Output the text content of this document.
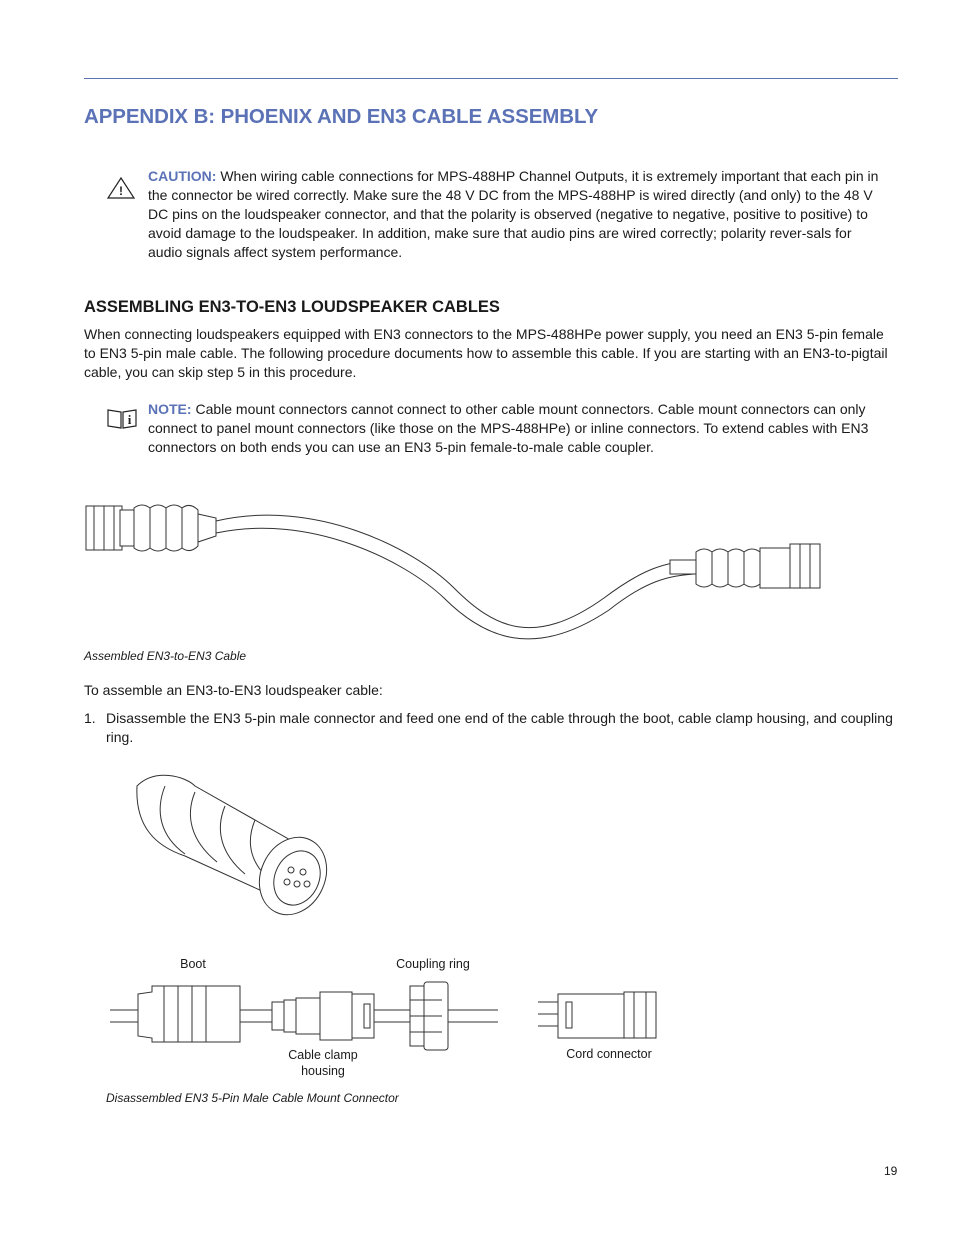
APPENDIX B: PHOENIX AND EN3 CABLE ASSEMBLY
!
CAUTION: When wiring cable connections for MPS-488HP Channel Outputs, it is extremely important that each pin in the connector be wired correctly. Make sure the 48 V DC from the MPS-488HP is wired directly (and only) to the 48 V DC pins on the loudspeaker connector, and that the polarity is observed (negative to negative, positive to positive) to avoid damage to the loudspeaker. In addition, make sure that audio pins are wired correctly; polarity rever-sals for audio signals affect system performance.
ASSEMBLING EN3-TO-EN3 LOUDSPEAKER CABLES

When connecting loudspeakers equipped with EN3 connectors to the MPS-488HPe power supply, you need an EN3 5-pin female to EN3 5-pin male cable. The following procedure documents how to assemble this cable. If you are starting with an EN3-to-pigtail cable, you can skip step 5 in this procedure.

i
NOTE: Cable mount connectors cannot connect to other cable mount connectors. Cable mount connectors can only connect to panel mount connectors (like those on the MPS-488HPe) or inline connectors. To extend cables with EN3 connectors on both ends you can use an EN3 5-pin female-to-male cable coupler.
Assembled EN3-to-EN3 Cable

To assemble an EN3-to-EN3 loudspeaker cable:

1. Disassemble the EN3 5-pin male connector and feed one end of the cable through the boot, cable clamp housing, and coupling ring.
Boot	Coupling ring
Cable clamp
housing
Cord connector
Disassembled EN3 5-Pin Male Cable Mount Connector
19
